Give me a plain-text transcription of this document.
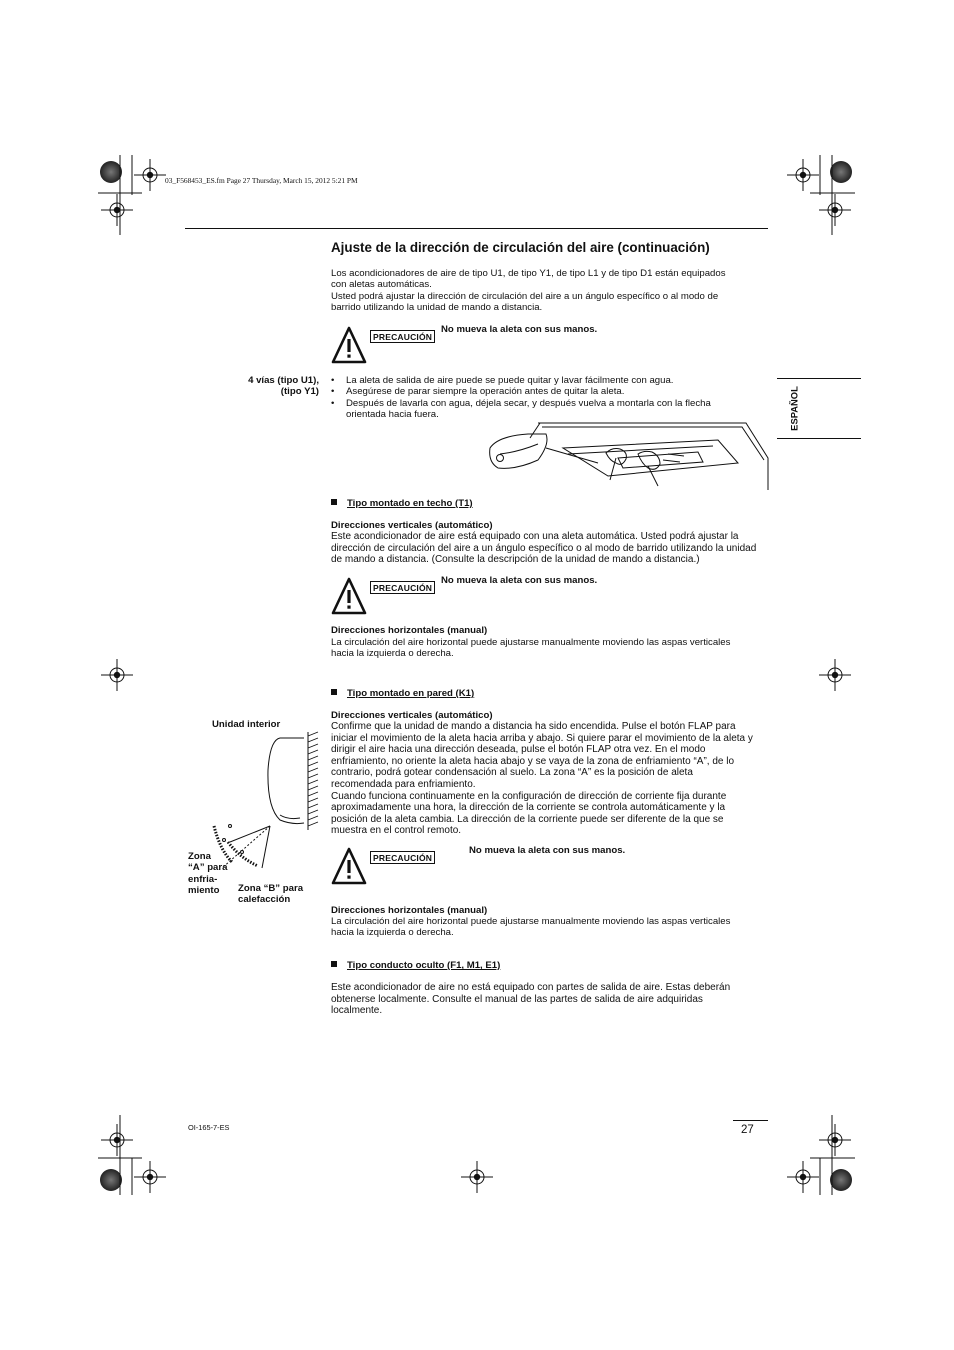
03_F568453_ES.fm Page 27 Thursday, March 15, 2012 5:21 PM
Ajuste de la dirección de circulación del aire (continuación)
Los acondicionadores de aire de tipo U1, de tipo Y1, de tipo L1 y de tipo D1 están equipados
con aletas automáticas.
Usted podrá ajustar la dirección de circulación del aire a un ángulo específico o al modo de
barrido utilizando la unidad de mando a distancia.
ESPAÑOL
PRECAUCIÓN
No mueva la aleta con sus manos.
4 vías (tipo U1),
(tipo Y1)
• La aleta de salida de aire puede se puede quitar y lavar fácilmente con agua.
• Asegúrese de parar siempre la operación antes de quitar la aleta.
• Después de lavarla con agua, déjela secar, y después vuelva a montarla con la flecha orientada hacia fuera.
Tipo montado en techo (T1)
Direcciones verticales (automático)
Este acondicionador de aire está equipado con una aleta automática. Usted podrá ajustar la
dirección de circulación del aire a un ángulo específico o al modo de barrido utilizando la unidad
de mando a distancia. (Consulte la descripción de la unidad de mando a distancia.)
PRECAUCIÓN
No mueva la aleta con sus manos.
Direcciones horizontales (manual)
La circulación del aire horizontal puede ajustarse manualmente moviendo las aspas verticales
hacia la izquierda o derecha.
Tipo montado en pared (K1)
Direcciones verticales (automático)
Confirme que la unidad de mando a distancia ha sido encendida. Pulse el botón FLAP para
iniciar el movimiento de la aleta hacia arriba y abajo. Si quiere parar el movimiento de la aleta y
dirigir el aire hacia una dirección deseada, pulse el botón FLAP otra vez. En el modo
enfriamiento, no oriente la aleta hacia abajo y se vaya de la zona de enfriamiento “A”, de lo
contrario, podrá gotear condensación al suelo. La zona “A” es la posición de aleta
recomendada para enfriamiento.
Cuando funciona continuamente en la configuración de dirección de corriente fija durante
aproximadamente una hora, la dirección de la corriente se controla automáticamente y la
posición de la aleta cambia. La dirección de la corriente puede ser diferente de la que se
muestra en el control remoto.
Unidad interior
Zona
“A” para
enfria-
miento	Zona “B” para
calefacción
PRECAUCIÓN
No mueva la aleta con sus manos.
Direcciones horizontales (manual)
La circulación del aire horizontal puede ajustarse manualmente moviendo las aspas verticales
hacia la izquierda o derecha.
Tipo conducto oculto (F1, M1, E1)
Este acondicionador de aire no está equipado con partes de salida de aire. Estas deberán
obtenerse localmente. Consulte el manual de las partes de salida de aire adquiridas
localmente.
OI-165-7-ES	27
